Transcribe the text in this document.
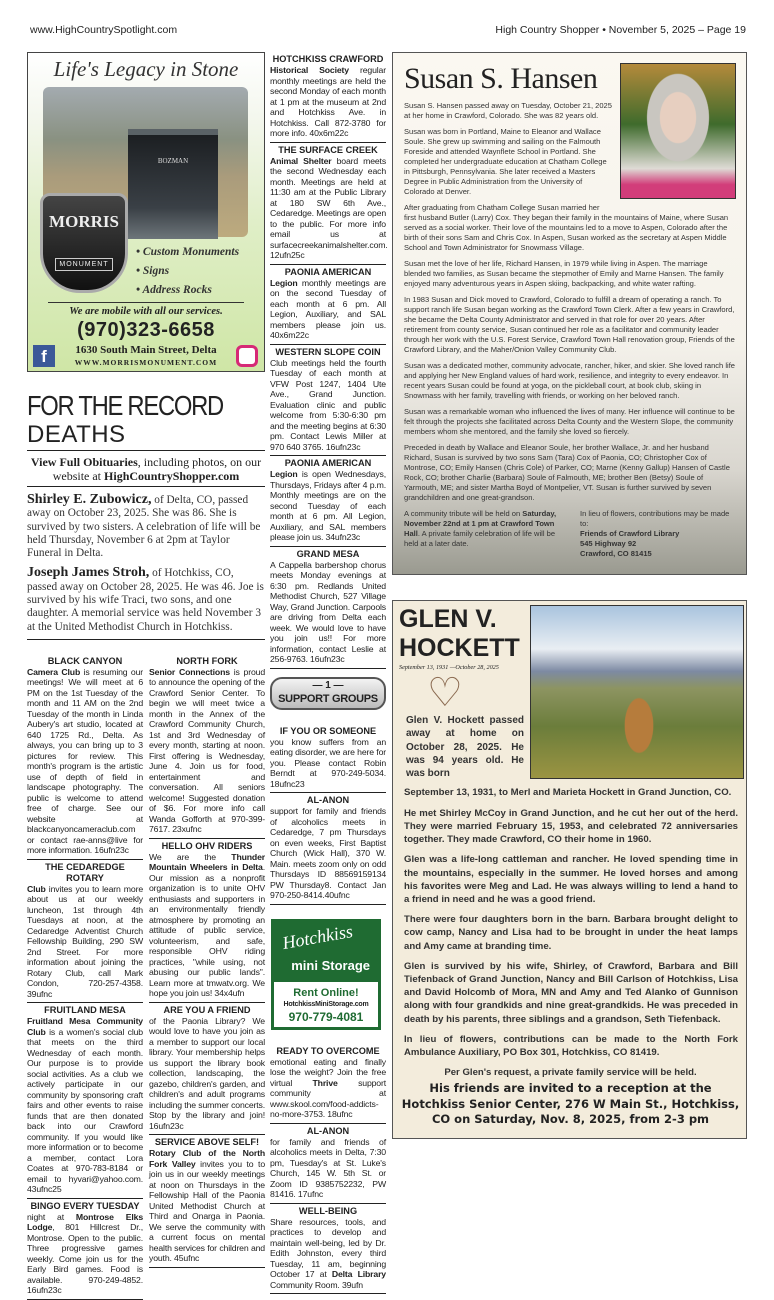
www.HighCountrySpotlight.com	High Country Shopper • November 5, 2025 – Page 19
Life's Legacy in Stone
BOZMAN
MORRIS
MONUMENT
• Custom Monuments
• Signs
• Address Rocks
We are mobile with all our services.
(970)323-6658
f	1630 South Main Street, Delta
WWW.MORRISMONUMENT.COM
FOR THE RECORD
DEATHS
View Full Obituaries, including photos, on our website at HighCountryShopper.com
Shirley E. Zubowicz, of Delta, CO, passed away on October 23, 2025. She was 86. She is survived by two sisters. A celebration of life will be held Thursday, November 6 at 2pm at Taylor Funeral in Delta.
Joseph James Stroh, of Hotchkiss, CO, passed away on October 28, 2025. He was 46. Joe is survived by his wife Traci, two sons, and one daughter. A memorial service was held November 3 at the United Methodist Church in Hotchkiss.
BLACK CANYON
Camera Club is resuming our meetings! We will meet at 6 PM on the 1st Tuesday of the month and 11 AM on the 2nd Tuesday of the month in Linda Aubery's art studio, located at 640 1725 Rd., Delta. As always, you can bring up to 3 pictures for review. This month's program is the artistic use of depth of field in landscape photography. The public is welcome to attend free of charge. See our website at blackcanyoncameraclub.com or contact rae-anns@live for more information. 16ufn23c
THE CEDAREDGE ROTARY
Club invites you to learn more about us at our weekly luncheon, 1st through 4th Tuesdays at noon, at the Cedaredge Adventist Church Fellowship Building, 290 SW 2nd Street. For more information about joining the Rotary Club, call Mark Condon, 720-257-4358. 39ufnc
FRUITLAND MESA
Fruitland Mesa Community Club is a women's social club that meets on the third Wednesday of each month. Our purpose is to provide social activities. As a club we actively participate in our community by sponsoring craft fairs and other events to raise funds that are then donated back into our Crawford community. If you would like more information or to become a member, contact Lora Coates at 970-783-8184 or email to hyvari@yahoo.com. 43ufnc25
BINGO EVERY TUESDAY
night at Montrose Elks Lodge, 801 Hillcrest Dr., Montrose. Open to the public. Three progressive games weekly. Come join us for the Early Bird games. Food is available. 970-249-4852. 16ufn23c
NORTH FORK
Senior Connections is proud to announce the opening of the Crawford Senior Center. To begin we will meet twice a month in the Annex of the Crawford Community Church, 1st and 3rd Wednesday of every month, starting at noon. First offering is Wednesday, June 4. Join us for food, entertainment and conversation. All seniors welcome! Suggested donation of $6. For more info call Wanda Gofforth at 970-399-7617. 23xufnc
HELLO OHV RIDERS
We are the Thunder Mountain Wheelers in Delta. Our mission as a nonprofit organization is to unite OHV enthusiasts and supporters in an environmentally friendly atmosphere by promoting an attitude of public service, volunteerism, and safe, responsible OHV riding practices, "while using, not abusing our public lands". Learn more at tmwatv.org. We hope you join us! 34x4ufn
ARE YOU A FRIEND
of the Paonia Library? We would love to have you join as a member to support our local library. Your membership helps us support the library book collection, landscaping, the gazebo, children's garden, and children's and adult programs including the summer concerts. Stop by the library and join! 16ufn23c
SERVICE ABOVE SELF!
Rotary Club of the North Fork Valley invites you to to join us in our weekly meetings at noon on Thursdays in the Fellowship Hall of the Paonia United Methodist Church at Third and Onarga in Paonia. We serve the community with a current focus on mental health services for children and youth. 45ufnc
HOTCHKISS CRAWFORD
Historical Society regular monthly meetings are held the second Monday of each month at 1 pm at the museum at 2nd and Hotchkiss Ave. in Hotchkiss. Call 872-3780 for more info. 40x6m22c
THE SURFACE CREEK
Animal Shelter board meets the second Wednesday each month. Meetings are held at 11:30 am at the Public Library at 180 SW 6th Ave., Cedaredge. Meetings are open to the public. For more info email us at surfacecreekanimalshelter.com. 12ufn25c
PAONIA AMERICAN
Legion monthly meetings are on the second Tuesday of each month at 6 pm. All Legion, Auxiliary, and SAL members please join us. 40x6m22c
WESTERN SLOPE COIN
Club meetings held the fourth Tuesday of each month at VFW Post 1247, 1404 Ute Ave., Grand Junction. Evaluation clinic and public welcome from 5:30-6:30 pm and the meeting begins at 6:30 pm. Contact Lewis Miller at 970 640 3765. 16ufn23c
PAONIA AMERICAN
Legion is open Wednesdays, Thursdays, Fridays after 4 p.m. Monthly meetings are on the second Tuesday of each month at 6 pm. All Legion, Auxiliary, and SAL members please join us. 34ufn23c
GRAND MESA
A Cappella barbershop chorus meets Monday evenings at 6:30 pm. Redlands United Methodist Church, 527 Village Way, Grand Junction. Carpools are driving from Delta each week. We would love to have you join us!! For more information, contact Leslie at 256-9763. 16ufn23c
— 1 —
SUPPORT GROUPS
IF YOU OR SOMEONE
you know suffers from an eating disorder, we are here for you. Please contact Robin Berndt at 970-249-5034. 18ufnc23
AL-ANON
support for family and friends of alcoholics meets in Cedaredge, 7 pm Thursdays on even weeks, First Baptist Church (Wick Hall), 370 W. Main. meets zoom only on odd Thursdays ID 88569159134 PW Thursday8. Contact Jan 970-250-8414.40ufnc
Hotchkiss
mini Storage
Rent Online!
HotchkissMiniStorage.com
970-779-4081
READY TO OVERCOME
emotional eating and finally lose the weight? Join the free virtual Thrive support community at www.skool.com/food-addicts-no-more-3753. 18ufnc
AL-ANON
for family and friends of alcoholics meets in Delta, 7:30 pm, Tuesday's at St. Luke's Church, 145 W. 5th St. or Zoom ID 9385752232, PW 81416. 17ufnc
WELL-BEING
Share resources, tools, and practices to develop and maintain well-being, led by Dr. Edith Johnston, every third Tuesday, 11 am, beginning October 17 at Delta Library Community Room. 39ufn
Susan S. Hansen

Susan S. Hansen passed away on Tuesday, October 21, 2025 at her home in Crawford, Colorado. She was 82 years old.

Susan was born in Portland, Maine to Eleanor and Wallace Soule. She grew up swimming and sailing on the Falmouth Foreside and attended Waynflete School in Portland. She completed her undergraduate education at Chatham College in Pittsburgh, Pennsylvania. She later received a Masters Degree in Public Administration from the University of Colorado at Denver.

After graduating from Chatham College Susan married her first husband Butler (Larry) Cox. They began their family in the mountains of Maine, where Susan served as a social worker. Their love of the mountains led to a move to Aspen, Colorado after the birth of their sons Sam and Chris Cox. In Aspen, Susan worked as the secretary at Aspen Middle School and Town Administrator for Snowmass Village.

Susan met the love of her life, Richard Hansen, in 1979 while living in Aspen. The marriage blended two families, as Susan became the stepmother of Emily and Marne Hansen. The family enjoyed many adventurous years in Aspen skiing, backpacking, and white water rafting.

In 1983 Susan and Dick moved to Crawford, Colorado to fulfill a dream of operating a ranch. To support ranch life Susan began working as the Crawford Town Clerk. After a few years in Crawford, she became the Delta County Administrator and served in that role for over 20 years. After retirement from county service, Susan continued her role as a facilitator and community leader through her work with the U.S. Forest Service, Crawford Town Hall renovation group, Friends of the Crawford Library, and the Maher/Onion Valley Community Club.

Susan was a dedicated mother, community advocate, rancher, hiker, and skier. She loved ranch life and applying her New England values of hard work, resilience, and integrity to every endeavor. In recent years Susan could be found at yoga, on the pickleball court, at book club, skiing in Snowmass with her family, travelling with friends, or working on her beloved ranch.

Susan was a remarkable woman who influenced the lives of many. Her influence will continue to be felt through the projects she facilitated across Delta County and the Western Slope, the community members whom she mentored, and the family she loved so fiercely.

Preceded in death by Wallace and Eleanor Soule, her brother Wallace, Jr. and her husband Richard, Susan is survived by two sons Sam (Tara) Cox of Paonia, CO; Christopher Cox of Montrose, CO; Emily Hansen (Chris Cole) of Parker, CO; Marne (Kenny Gallup) Hansen of Castle Rock, CO; brother Charlie (Barbara) Soule of Falmouth, ME; brother Ben (Betsy) Soule of Yarmouth, ME; and sister Martha Boyd of Montpelier, VT. Susan is further survived by seven grandchildren and one great-grandson.

A community tribute will be held on Saturday, November 22nd at 1 pm at Crawford Town Hall. A private family celebration of life will be held at a later date.
In lieu of flowers, contributions may be made to:
Friends of Crawford Library
545 Highway 92
Crawford, CO 81415
GLEN V.
HOCKETT
September 13, 1931 —October 28, 2025
♡
Glen V. Hockett passed away at home on October 28, 2025. He was 94 years old. He was born

September 13, 1931, to Merl and Marieta Hockett in Grand Junction, CO.

He met Shirley McCoy in Grand Junction, and he cut her out of the herd. They were married February 15, 1953, and celebrated 72 anniversaries together. They made Crawford, CO their home in 1960.

Glen was a life-long cattleman and rancher. He loved spending time in the mountains, especially in the summer. He loved horses and among his favorites were Meg and Lad. He was always willing to lend a hand to a friend in need and he was a good friend.

There were four daughters born in the barn. Barbara brought delight to cow camp, Nancy and Lisa had to be brought in under the heat lamps and Amy came at branding time.

Glen is survived by his wife, Shirley, of Crawford, Barbara and Bill Tiefenback of Grand Junction, Nancy and Bill Carlson of Hotchkiss, Lisa and David Holcomb of Mora, MN and Amy and Ted Alanko of Gunnison along with four grandkids and nine great-grandkids. He was preceded in death by his parents, three siblings and a grandson, Seth Tiefenback.

In lieu of flowers, contributions can be made to the North Fork Ambulance Auxiliary, PO Box 301, Hotchkiss, CO 81419.

Per Glen's request, a private family service will be held.
His friends are invited to a reception at the Hotchkiss Senior Center, 276 W Main St., Hotchkiss, CO on Saturday, Nov. 8, 2025, from 2-3 pm
